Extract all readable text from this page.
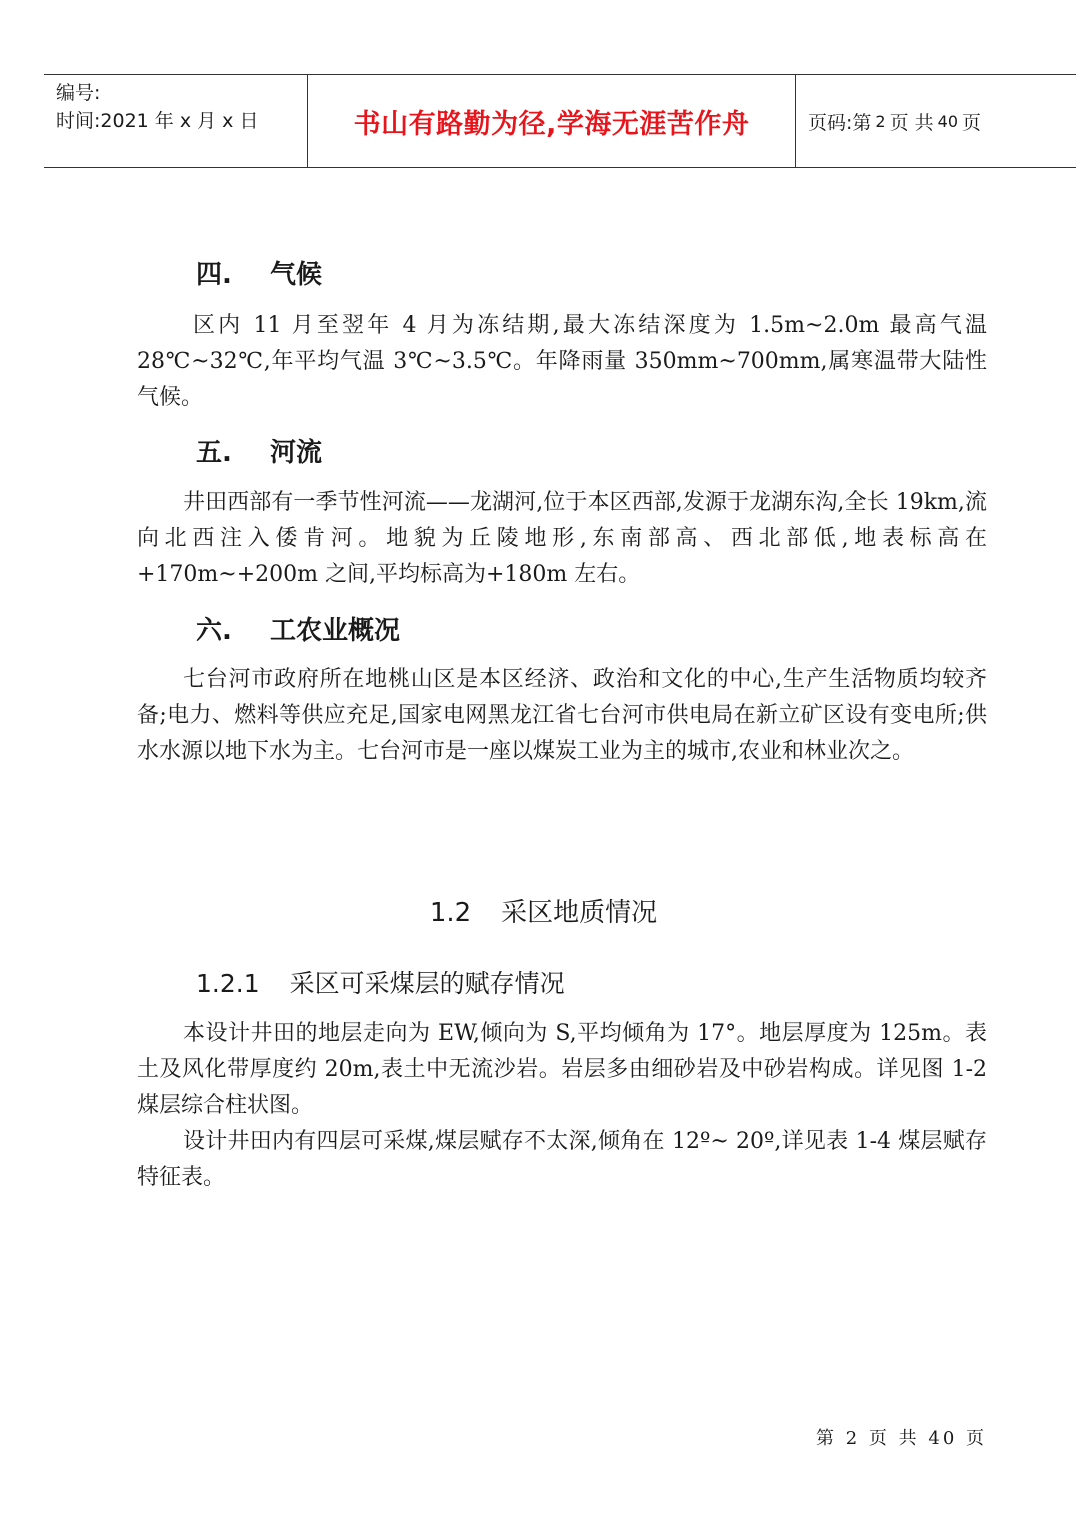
编号:
时间:2021 年 x 月 x 日	书山有路勤为径,学海无涯苦作舟	页码:第 2 页 共 40 页
四. 气候
区内 11 月至翌年 4 月为冻结期,最大冻结深度为 1.5m~2.0m 最高气温 28℃~32℃,年平均气温 3℃~3.5℃。年降雨量 350mm~700mm,属寒温带大陆性气候。
五. 河流
井田西部有一季节性河流——龙湖河,位于本区西部,发源于龙湖东沟,全长 19km,流向北西注入倭肯河。地貌为丘陵地形,东南部高、西北部低,地表标高在+170m~+200m 之间,平均标高为+180m 左右。
六. 工农业概况
七台河市政府所在地桃山区是本区经济、政治和文化的中心,生产生活物质均较齐备;电力、燃料等供应充足,国家电网黑龙江省七台河市供电局在新立矿区设有变电所;供水水源以地下水为主。七台河市是一座以煤炭工业为主的城市,农业和林业次之。
1.2 采区地质情况
1.2.1 采区可采煤层的赋存情况
本设计井田的地层走向为 EW,倾向为 S,平均倾角为 17°。地层厚度为 125m。表土及风化带厚度约 20m,表土中无流沙岩。岩层多由细砂岩及中砂岩构成。详见图 1-2 煤层综合柱状图。
设计井田内有四层可采煤,煤层赋存不太深,倾角在 12º~ 20º,详见表 1-4 煤层赋存特征表。
第 2 页 共 40 页
